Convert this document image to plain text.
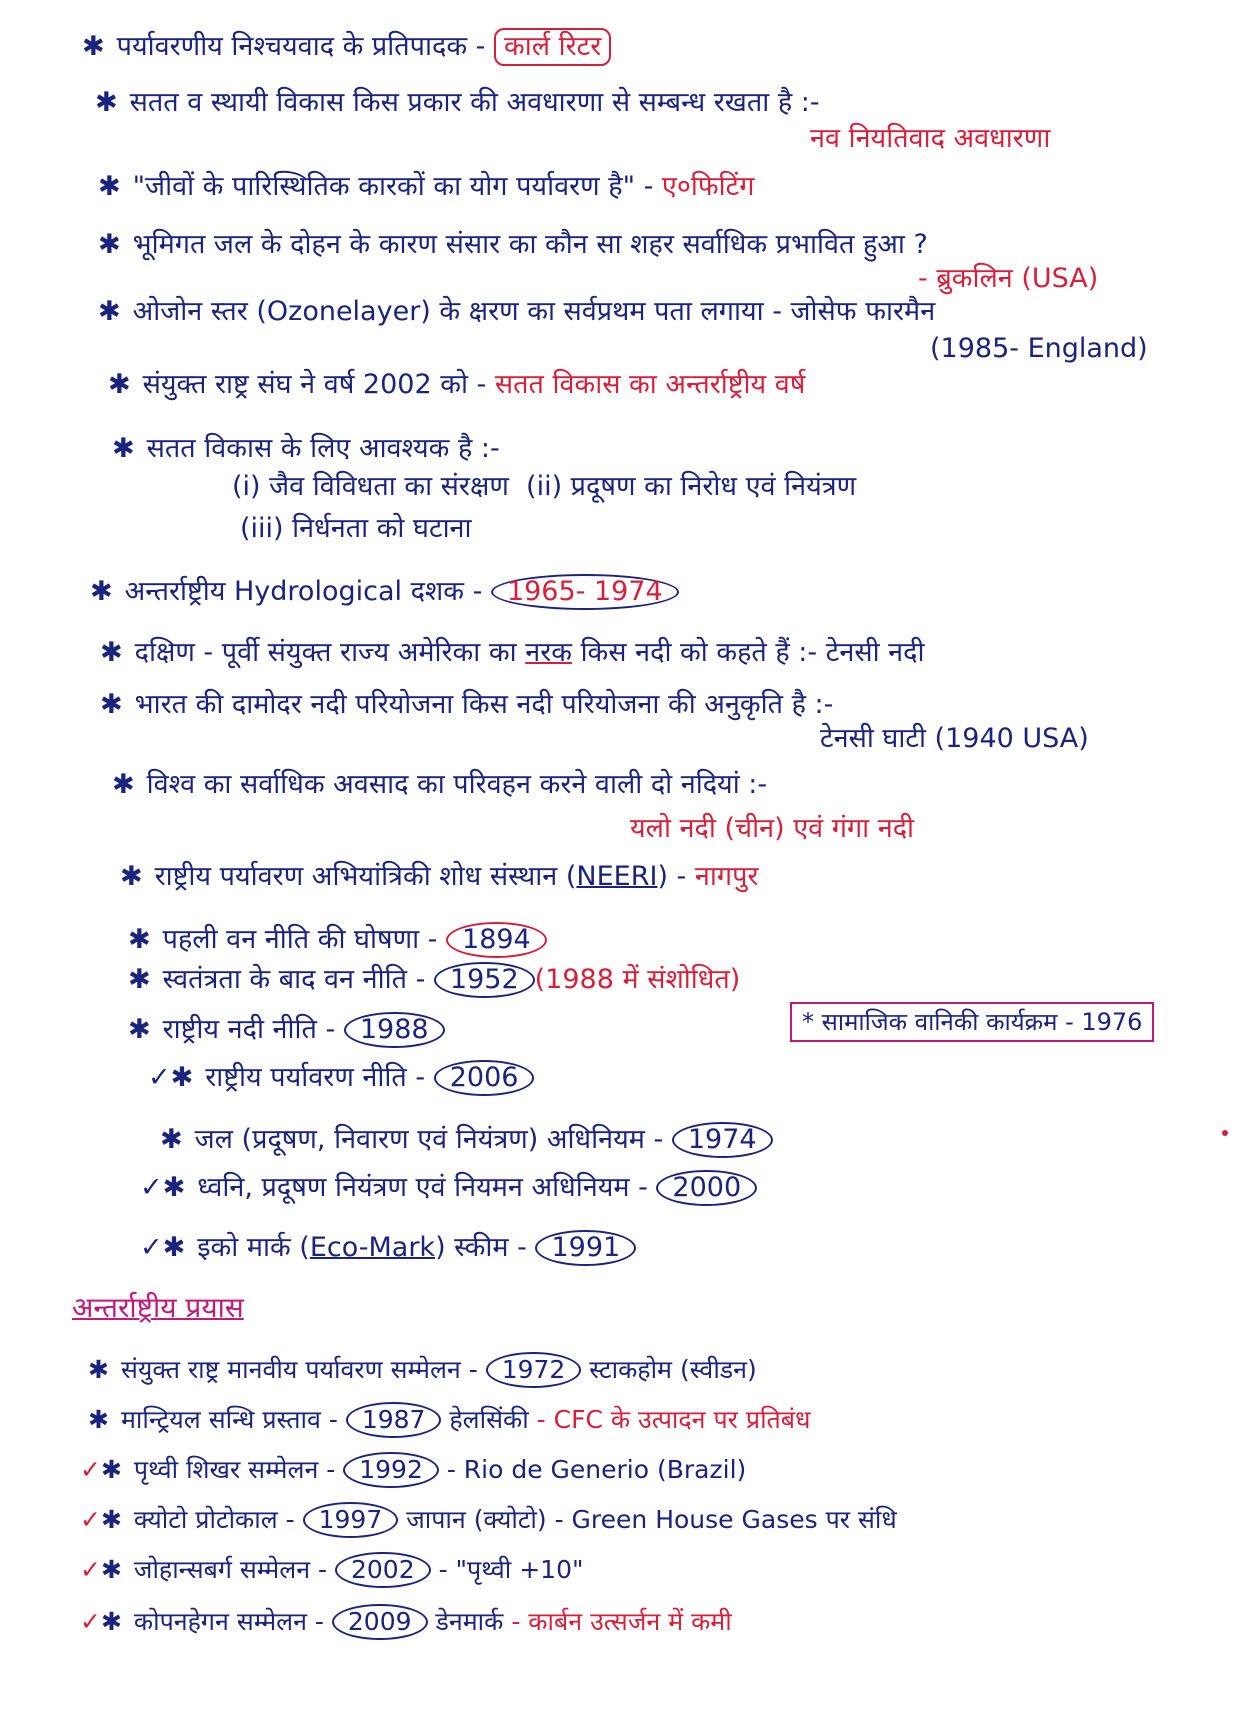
✱ पर्यावरणीय निश्चयवाद के प्रतिपादक - कार्ल रिटर
✱ सतत व स्थायी विकास किस प्रकार की अवधारणा से सम्बन्ध रखता है :-
नव नियतिवाद अवधारणा
✱ "जीवों के पारिस्थितिक कारकों का योग पर्यावरण है" - ए०फिटिंग
✱ भूमिगत जल के दोहन के कारण संसार का कौन सा शहर सर्वाधिक प्रभावित हुआ ?
- ब्रुकलिन (USA)
✱ ओजोन स्तर (Ozonelayer) के क्षरण का सर्वप्रथम पता लगाया - जोसेफ फारमैन
(1985- England)
✱ संयुक्त राष्ट्र संघ ने वर्ष 2002 को - सतत विकास का अन्तर्राष्ट्रीय वर्ष
✱ सतत विकास के लिए आवश्यक है :-
(i) जैव विविधता का संरक्षण (ii) प्रदूषण का निरोध एवं नियंत्रण
(iii) निर्धनता को घटाना
✱ अन्तर्राष्ट्रीय Hydrological दशक - 1965- 1974
✱ दक्षिण - पूर्वी संयुक्त राज्य अमेरिका का नरक किस नदी को कहते हैं :- टेनसी नदी
✱ भारत की दामोदर नदी परियोजना किस नदी परियोजना की अनुकृति है :-
टेनसी घाटी (1940 USA)
✱ विश्व का सर्वाधिक अवसाद का परिवहन करने वाली दो नदियां :-
यलो नदी (चीन) एवं गंगा नदी
✱ राष्ट्रीय पर्यावरण अभियांत्रिकी शोध संस्थान (NEERI) - नागपुर
✱ पहली वन नीति की घोषणा - 1894
✱ स्वतंत्रता के बाद वन नीति - 1952 (1988 में संशोधित)
✱ राष्ट्रीय नदी नीति - 1988	* सामाजिक वानिकी कार्यक्रम - 1976
✓✱ राष्ट्रीय पर्यावरण नीति - 2006
✱ जल (प्रदूषण, निवारण एवं नियंत्रण) अधिनियम - 1974
✓✱ ध्वनि, प्रदूषण नियंत्रण एवं नियमन अधिनियम - 2000
✓✱ इको मार्क (Eco-Mark) स्कीम - 1991
अन्तर्राष्ट्रीय प्रयास
✱ संयुक्त राष्ट्र मानवीय पर्यावरण सम्मेलन - 1972 स्टाकहोम (स्वीडन)
✱ मान्ट्रियल सन्धि प्रस्ताव - 1987 हेलसिंकी - CFC के उत्पादन पर प्रतिबंध
✓✱ पृथ्वी शिखर सम्मेलन - 1992 - Rio de Generio (Brazil)
✓✱ क्योटो प्रोटोकाल - 1997 जापान (क्योटो) - Green House Gases पर संधि
✓✱ जोहान्सबर्ग सम्मेलन - 2002 - "पृथ्वी +10"
✓✱ कोपनहेगन सम्मेलन - 2009 डेनमार्क - कार्बन उत्सर्जन में कमी
